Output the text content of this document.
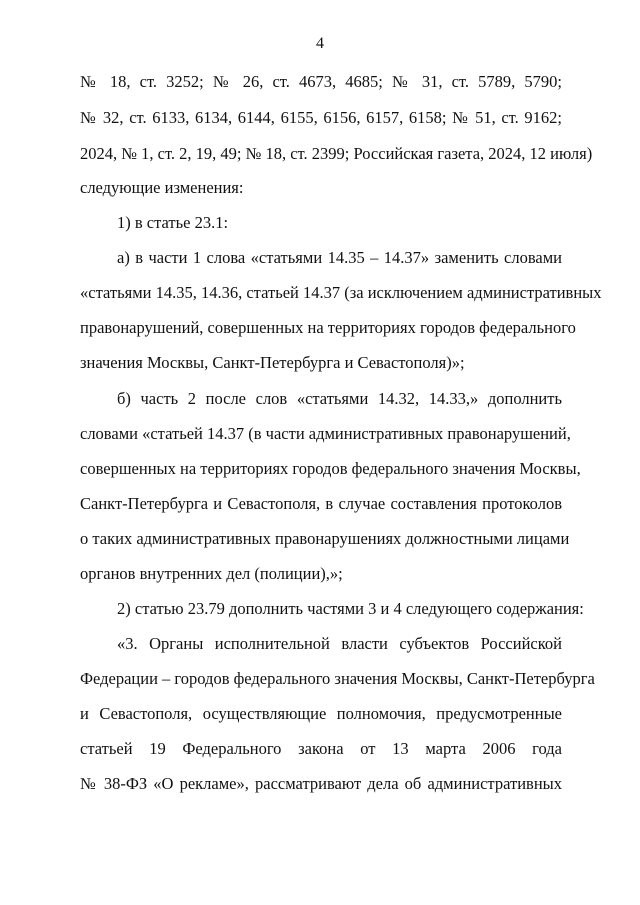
4
№ 18, ст. 3252; № 26, ст. 4673, 4685; № 31, ст. 5789, 5790;
№ 32, ст. 6133, 6134, 6144, 6155, 6156, 6157, 6158; № 51, ст. 9162;
2024, № 1, ст. 2, 19, 49; № 18, ст. 2399; Российская газета, 2024, 12 июля)
следующие изменения:
1) в статье 23.1:
а) в части 1 слова «статьями 14.35 – 14.37» заменить словами
«статьями 14.35, 14.36, статьей 14.37 (за исключением административных
правонарушений, совершенных на территориях городов федерального
значения Москвы, Санкт-Петербурга и Севастополя)»;
б) часть 2 после слов «статьями 14.32, 14.33,» дополнить
словами «статьей 14.37 (в части административных правонарушений,
совершенных на территориях городов федерального значения Москвы,
Санкт-Петербурга и Севастополя, в случае составления протоколов
о таких административных правонарушениях должностными лицами
органов внутренних дел (полиции),»;
2) статью 23.79 дополнить частями 3 и 4 следующего содержания:
«3. Органы исполнительной власти субъектов Российской
Федерации – городов федерального значения Москвы, Санкт-Петербурга
и Севастополя, осуществляющие полномочия, предусмотренные
статьей 19 Федерального закона от 13 марта 2006 года
№ 38-ФЗ «О рекламе», рассматривают дела об административных
